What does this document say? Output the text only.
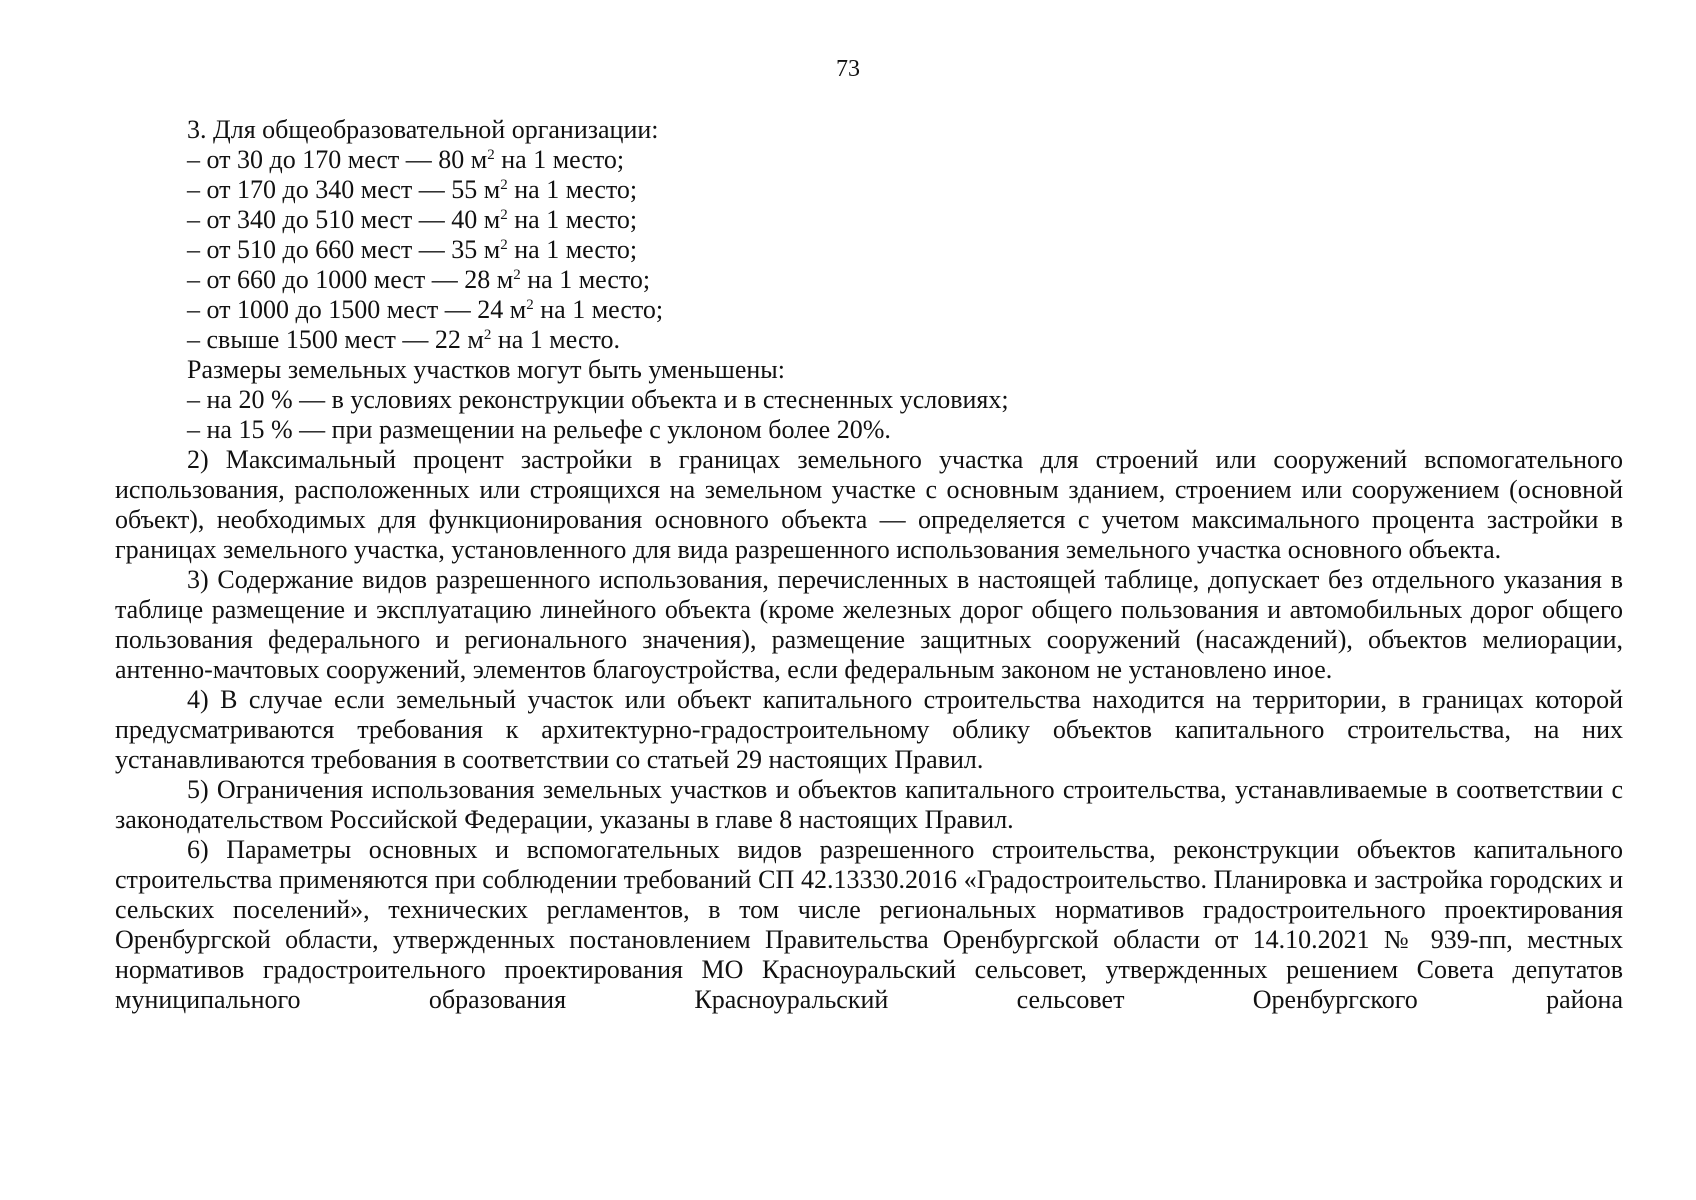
73

3. Для общеобразовательной организации:

– от 30 до 170 мест — 80 $м^2$ на 1 место;

– от 170 до 340 мест — 55 $м^2$ на 1 место;

– от 340 до 510 мест — 40 $м^2$ на 1 место;

– от 510 до 660 мест — 35 $м^2$ на 1 место;

– от 660 до 1000 мест — 28 $м^2$ на 1 место;

– от 1000 до 1500 мест — 24 $м^2$ на 1 место;

– свыше 1500 мест — 22 $м^2$ на 1 место.

Размеры земельных участков могут быть уменьшены:

– на 20 % — в условиях реконструкции объекта и в стесненных условиях;

– на 15 % — при размещении на рельефе с уклоном более 20%.

2) Максимальный процент застройки в границах земельного участка для строений или сооружений вспомогательного использования, расположенных или строящихся на земельном участке с основным зданием, строением или сооружением (основной объект), необходимых для функционирования основного объекта — определяется с учетом максимального процента застройки в границах земельного участка, установленного для вида разрешенного использования земельного участка основного объекта.

3) Содержание видов разрешенного использования, перечисленных в настоящей таблице, допускает без отдельного указания в таблице размещение и эксплуатацию линейного объекта (кроме железных дорог общего пользования и автомобильных дорог общего пользования федерального и регионального значения), размещение защитных сооружений (насаждений), объектов мелиорации, антенно-мачтовых сооружений, элементов благоустройства, если федеральным законом не установлено иное.

4) В случае если земельный участок или объект капитального строительства находится на территории, в границах которой предусматриваются требования к архитектурно-градостроительному облику объектов капитального строительства, на них устанавливаются требования в соответствии со статьей 29 настоящих Правил.

5) Ограничения использования земельных участков и объектов капитального строительства, устанавливаемые в соответствии с законодательством Российской Федерации, указаны в главе 8 настоящих Правил.

6) Параметры основных и вспомогательных видов разрешенного строительства, реконструкции объектов капитального строительства применяются при соблюдении требований СП 42.13330.2016 «Градостроительство. Планировка и застройка городских и сельских поселений», технических регламентов, в том числе региональных нормативов градостроительного проектирования Оренбургской области, утвержденных постановлением Правительства Оренбургской области от 14.10.2021 № 939-пп, местных нормативов градостроительного проектирования МО Красноуральский сельсовет, утвержденных решением Совета депутатов муниципального образования Красноуральский сельсовет Оренбургского района
